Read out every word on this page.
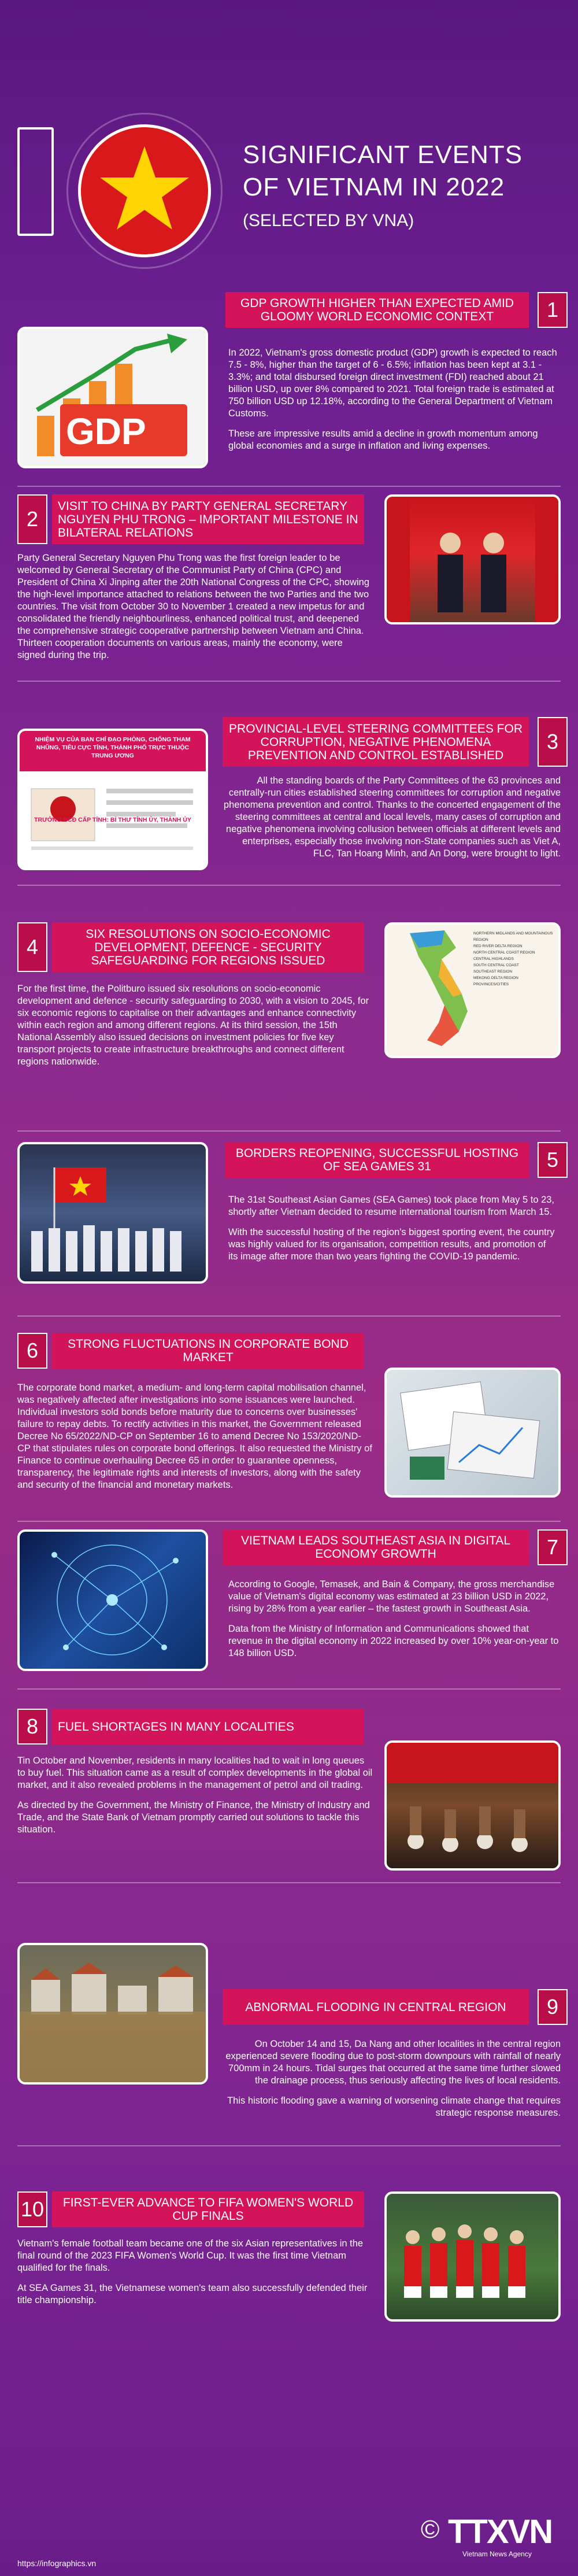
SIGNIFICANT EVENTS
OF VIETNAM IN 2022
(SELECTED BY VNA)
GDP GROWTH HIGHER THAN EXPECTED AMID GLOOMY WORLD ECONOMIC CONTEXT	1
GDP

In 2022, Vietnam's gross domestic product (GDP) growth is expected to reach 7.5 - 8%, higher than the target of 6 - 6.5%; inflation has been kept at 3.1 - 3.3%; and total disbursed foreign direct investment (FDI) reached about 21 billion USD, up over 8% compared to 2021. Total foreign trade is estimated at 750 billion USD up 12.18%, according to the General Department of Vietnam Customs.

These are impressive results amid a decline in growth momentum among global economies and a surge in inflation and living expenses.

2
VISIT TO CHINA BY PARTY GENERAL SECRETARY NGUYEN PHU TRONG – IMPORTANT MILESTONE IN BILATERAL RELATIONS

Party General Secretary Nguyen Phu Trong was the first foreign leader to be welcomed by General Secretary of the Communist Party of China (CPC) and President of China Xi Jinping after the 20th National Congress of the CPC, showing the high-level importance attached to relations between the two Parties and the two countries. The visit from October 30 to November 1 created a new impetus for and consolidated the friendly neighbourliness, enhanced political trust, and deepened the comprehensive strategic cooperative partnership between Vietnam and China. Thirteen cooperation documents on various areas, mainly the economy, were signed during the trip.

PROVINCIAL-LEVEL STEERING COMMITTEES FOR CORRUPTION, NEGATIVE PHENOMENA PREVENTION AND CONTROL ESTABLISHED
3
NHIỆM VỤ CỦA BAN CHỈ ĐẠO PHÒNG, CHỐNG THAM NHŨNG, TIÊU CỰC TỈNH, THÀNH PHỐ TRỰC THUỘC TRUNG ƯƠNG
TRƯỞNG BCĐ CẤP TỈNH: BÍ THƯ TỈNH ỦY, THÀNH ỦY

All the standing boards of the Party Committees of the 63 provinces and centrally-run cities established steering committees for corruption and negative phenomena prevention and control. Thanks to the concerted engagement of the steering committees at central and local levels, many cases of corruption and negative phenomena involving collusion between officials at different levels and enterprises, especially those involving non-State companies such as Viet A, FLC, Tan Hoang Minh, and An Dong, were brought to light.

4
SIX RESOLUTIONS ON SOCIO-ECONOMIC DEVELOPMENT, DEFENCE - SECURITY SAFEGUARDING FOR REGIONS ISSUED
NORTHERN MIDLANDS AND MOUNTAINOUS REGION
RED RIVER DELTA REGION
NORTH CENTRAL COAST REGION
CENTRAL HIGHLANDS
SOUTH CENTRAL COAST
SOUTHEAST REGION
MEKONG DELTA REGION
PROVINCES/CITIES

For the first time, the Politburo issued six resolutions on socio-economic development and defence - security safeguarding to 2030, with a vision to 2045, for six economic regions to capitalise on their advantages and enhance connectivity within each region and among different regions. At its third session, the 15th National Assembly also issued decisions on investment policies for five key transport projects to create infrastructure breakthroughs and connect different regions nationwide.

BORDERS REOPENING, SUCCESSFUL HOSTING OF SEA GAMES 31	5

The 31st Southeast Asian Games (SEA Games) took place from May 5 to 23, shortly after Vietnam decided to resume international tourism from March 15.

With the successful hosting of the region's biggest sporting event, the country was highly valued for its organisation, competition results, and promotion of its image after more than two years fighting the COVID-19 pandemic.

6	STRONG FLUCTUATIONS IN CORPORATE BOND MARKET

The corporate bond market, a medium- and long-term capital mobilisation channel, was negatively affected after investigations into some issuances were launched. Individual investors sold bonds before maturity due to concerns over businesses' failure to repay debts. To rectify activities in this market, the Government released Decree No 65/2022/ND-CP on September 16 to amend Decree No 153/2020/ND-CP that stipulates rules on corporate bond offerings. It also requested the Ministry of Finance to continue overhauling Decree 65 in order to guarantee openness, transparency, the legitimate rights and interests of investors, along with the safety and security of the financial and monetary markets.

VIETNAM LEADS SOUTHEAST ASIA IN DIGITAL ECONOMY GROWTH	7

According to Google, Temasek, and Bain & Company, the gross merchandise value of Vietnam's digital economy was estimated at 23 billion USD in 2022, rising by 28% from a year earlier – the fastest growth in Southeast Asia.

Data from the Ministry of Information and Communications showed that revenue in the digital economy in 2022 increased by over 10% year-on-year to 148 billion USD.

8	FUEL SHORTAGES IN MANY LOCALITIES

Tin October and November, residents in many localities had to wait in long queues to buy fuel. This situation came as a result of complex developments in the global oil market, and it also revealed problems in the management of petrol and oil trading.

As directed by the Government, the Ministry of Finance, the Ministry of Industry and Trade, and the State Bank of Vietnam promptly carried out solutions to tackle this situation.

ABNORMAL FLOODING IN CENTRAL REGION	9

On October 14 and 15, Da Nang and other localities in the central region experienced severe flooding due to post-storm downpours with rainfall of nearly 700mm in 24 hours. Tidal surges that occurred at the same time further slowed the drainage process, thus seriously affecting the lives of local residents.

This historic flooding gave a warning of worsening climate change that requires strategic response measures.

10	FIRST-EVER ADVANCE TO FIFA WOMEN'S WORLD CUP FINALS

Vietnam's female football team became one of the six Asian representatives in the final round of the 2023 FIFA Women's World Cup. It was the first time Vietnam qualified for the finals.

At SEA Games 31, the Vietnamese women's team also successfully defended their title championship.

© TTXVN
Vietnam News Agency
https://infographics.vn
